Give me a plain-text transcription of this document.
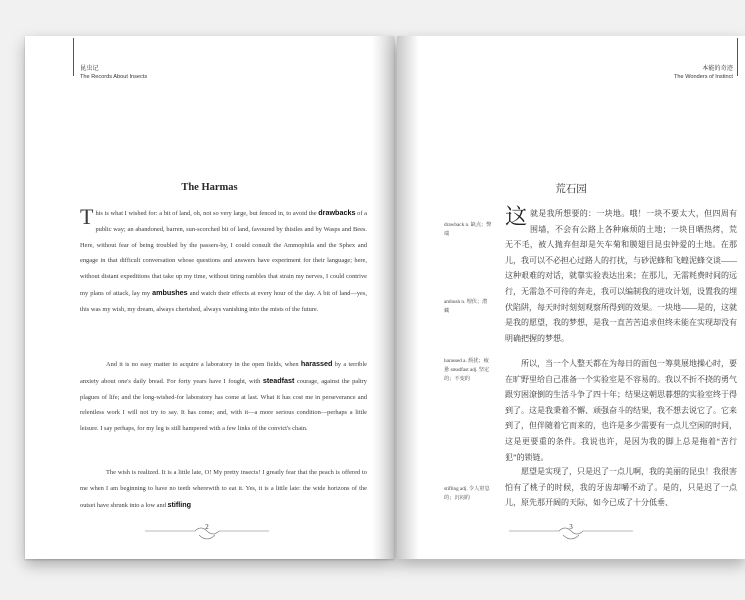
昆虫记
The Records About Insects
The Harmas

This is what I wished for: a bit of land, oh, not so very large, but fenced in, to avoid the drawbacks of a public way; an abandoned, barren, sun-scorched bit of land, favoured by thistles and by Wasps and Bees. Here, without fear of being troubled by the passers-by, I could consult the Ammophila and the Sphex and engage in that difficult conversation whose questions and answers have experiment for their language; here, without distant expeditions that take up my time, without tiring rambles that strain my nerves, I could contrive my plans of attack, lay my ambushes and watch their effects at every hour of the day. A bit of land—yes, this was my wish, my dream, always cherished, always vanishing into the mists of the future.

And it is no easy matter to acquire a laboratory in the open fields, when harassed by a terrible anxiety about one's daily bread. For forty years have I fought, with steadfast courage, against the paltry plagues of life; and the long-wished-for laboratory has come at last. What it has cost me in perseverance and relentless work I will not try to say. It has come; and, with it—a more serious condition—perhaps a little leisure. I say perhaps, for my leg is still hampered with a few links of the convict's chain.

The wish is realized. It is a little late, O! My pretty insects! I greatly fear that the peach is offered to me when I am beginning to have no teeth wherewith to eat it. Yes, it is a little late: the wide horizons of the outset have shrunk into a low and stifling

2
本能的奇迹
The Wonders of Instinct
荒石园
drawback n. 缺点；弊端
ambush n. 埋伏；潜藏
harassed a. 烦扰；疲惫 steadfast adj. 坚定的；不变的
stifling adj. 令人窒息的；沉闷的

这就是我所想要的：一块地。哦！一块不要太大，但四周有围墙，不会有公路上各种麻烦的土地；一块目晒热烤，荒无不毛，被人抛弃但却是矢车菊和膜翅目昆虫钟爱的土地。在那儿，我可以不必担心过路人的打扰，与砂泥蜂和飞蝗泥蜂交谈——这种艰难的对话，就靠实验表达出来；在那儿，无需耗费时间的远行，无需急不可待的奔走，我可以编制我的进攻计划，设置我的埋伏陷阱，每天时时刻刻观察所得到的效果。一块地——是的，这就是我的愿望，我的梦想，是我一直苦苦追求但终未能在实现却没有明确把握的梦想。

所以，当一个人整天都在为每日的面包一筹莫展地操心时，要在旷野里给自己准备一个实验室是不容易的。我以不折不挠的勇气跟穷困潦倒的生活斗争了四十年；结果这朝思暮想的实验室终于得到了。这是我秉着不懈、顽强奋斗的结果，我不想去说它了。它来到了，但伴随着它而来的，也许是多少需要有一点儿空闲的时间，这是更要重的条件。我说也许，是因为我的脚上总是拖着“苦行犯”的锁链。

愿望是实现了，只是迟了一点儿啊，我的美丽的昆虫！我很害怕有了桃子的时候，我的牙齿却嚼不动了。是的，只是迟了一点儿，原先那开阔的天际，如今已成了十分低垂、

3
